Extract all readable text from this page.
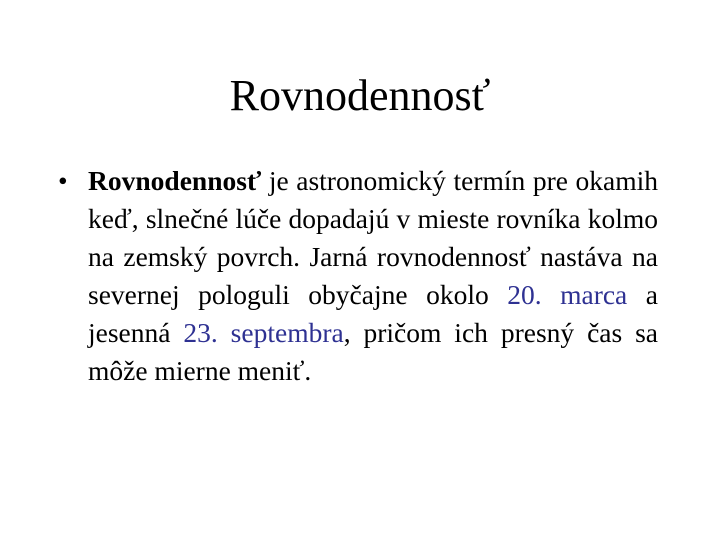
Rovnodennosť
• Rovnodennosť je astronomický termín pre okamih keď, slnečné lúče dopadajú v mieste rovníka kolmo na zemský povrch. Jarná rovnodennosť nastáva na severnej pologuli obyčajne okolo 20. marca a jesenná 23. septembra, pričom ich presný čas sa môže mierne meniť.
